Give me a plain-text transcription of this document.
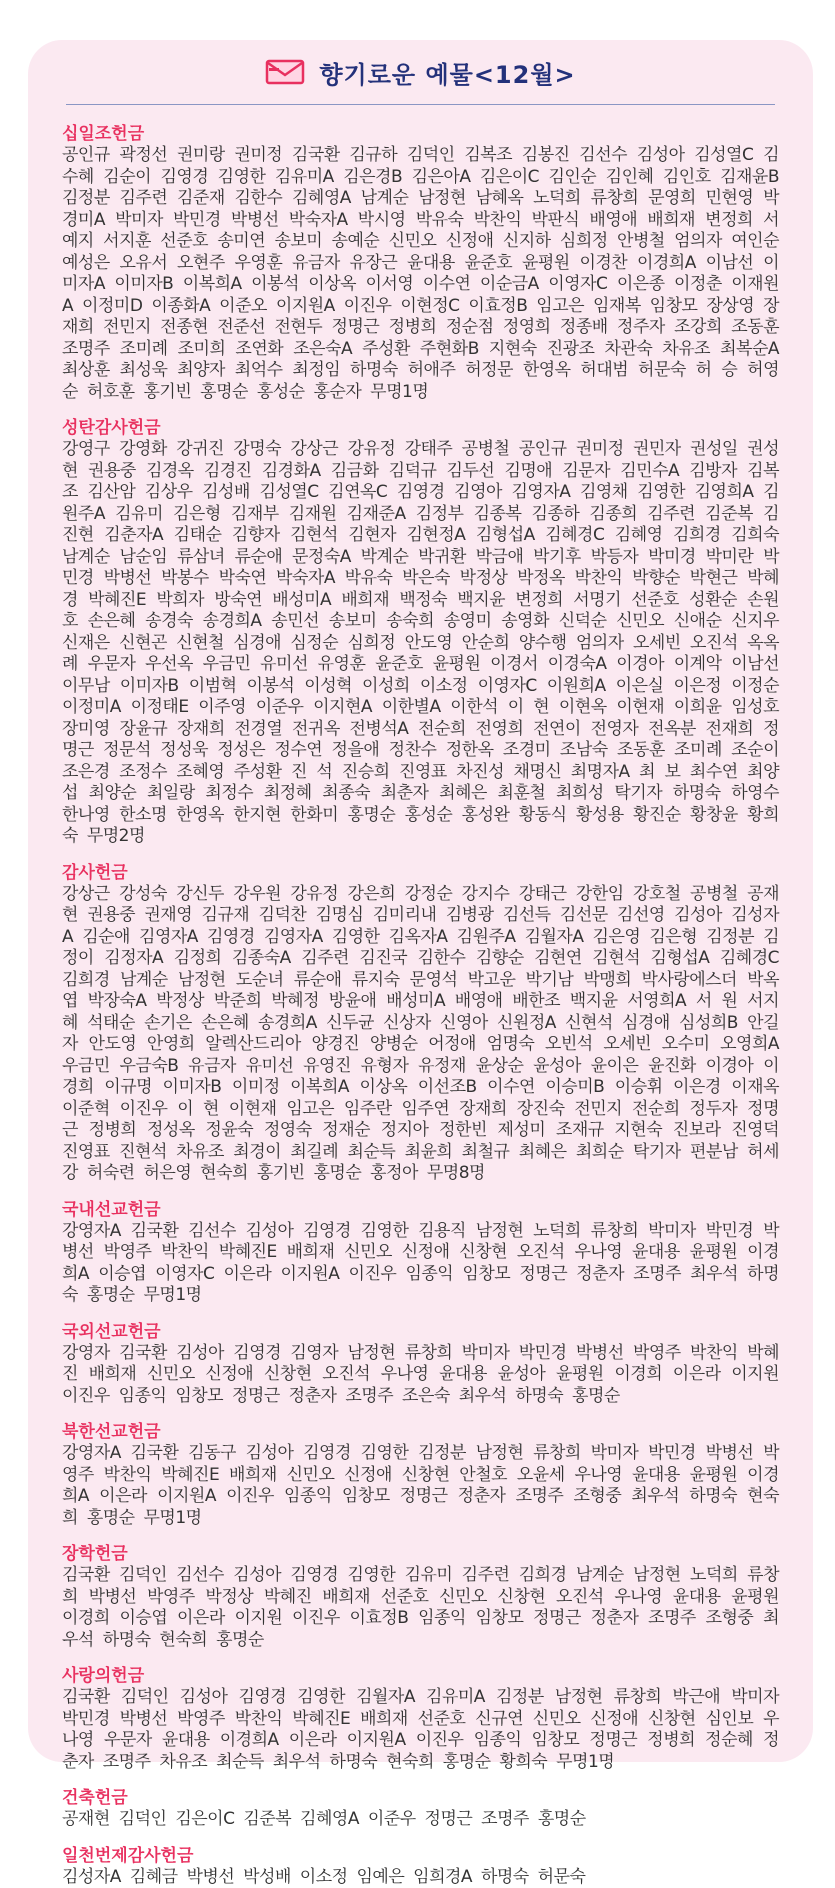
향기로운 예물<12월>
십일조헌금

공인규 곽정선 권미랑 권미정 김국환 김규하 김덕인 김복조 김봉진 김선수 김성아 김성열C 김수혜 김순이 김영경 김영한 김유미A 김은경B 김은아A 김은이C 김인순 김인혜 김인호 김재윤B 김정분 김주련 김준재 김한수 김혜영A 남계순 남정현 남혜옥 노덕희 류창희 문영희 민현영 박경미A 박미자 박민경 박병선 박숙자A 박시영 박유숙 박찬익 박판식 배영애 배희재 변정희 서예지 서지훈 선준호 송미연 송보미 송예순 신민오 신정애 신지하 심희정 안병철 엄의자 여인순 예성은 오유서 오현주 우영훈 유금자 유장근 윤대용 윤준호 윤평원 이경찬 이경희A 이남선 이미자A 이미자B 이복희A 이봉석 이상옥 이서영 이수연 이순금A 이영자C 이은종 이정춘 이재원A 이정미D 이종화A 이준오 이지원A 이진우 이현정C 이효정B 임고은 임재복 임창모 장상영 장재희 전민지 전종현 전준선 전현두 정명근 정병희 정순점 정영희 정종배 정주자 조강희 조동훈 조명주 조미례 조미희 조연화 조은숙A 주성환 주현화B 지현숙 진광조 차관숙 차유조 최복순A 최상훈 최성욱 최양자 최억수 최정임 하명숙 허애주 허정문 한영옥 허대범 허문숙 허 승 허영순 허호훈 홍기빈 홍명순 홍성순 홍순자 무명1명

성탄감사헌금

강영구 강영화 강귀진 강명숙 강상근 강유정 강태주 공병철 공인규 권미정 권민자 권성일 권성현 권용중 김경옥 김경진 김경화A 김금화 김덕규 김두선 김명애 김문자 김민수A 김방자 김복조 김산암 김상우 김성배 김성열C 김연옥C 김영경 김영아 김영자A 김영채 김영한 김영희A 김원주A 김유미 김은형 김재부 김재원 김재준A 김정부 김종복 김종하 김종희 김주련 김준복 김진현 김춘자A 김태순 김향자 김현석 김현자 김현정A 김형섭A 김혜경C 김혜영 김희경 김희숙 남계순 남순임 류삼녀 류순애 문정숙A 박계순 박귀환 박금애 박기후 박등자 박미경 박미란 박민경 박병선 박봉수 박숙연 박숙자A 박유숙 박은숙 박정상 박정옥 박찬익 박향순 박현근 박혜경 박혜진E 박희자 방숙연 배성미A 배희재 백정숙 백지윤 변정희 서명기 선준호 성환순 손원호 손은혜 송경숙 송경희A 송민선 송보미 송숙희 송영미 송영화 신덕순 신민오 신애순 신지우 신재은 신현곤 신현철 심경애 심정순 심희정 안도영 안순희 양수행 엄의자 오세빈 오진석 옥옥례 우문자 우선옥 우금민 유미선 유영훈 윤준호 윤평원 이경서 이경숙A 이경아 이계악 이남선 이무남 이미자B 이범혁 이봉석 이성혁 이성희 이소정 이영자C 이원희A 이은실 이은정 이정순 이정미A 이정태E 이주영 이준우 이지현A 이한별A 이한석 이 현 이현옥 이현재 이희윤 임성호 장미영 장윤규 장재희 전경열 전귀옥 전병석A 전순희 전영희 전연이 전영자 전옥분 전재희 정명근 정문석 정성욱 정성은 정수연 정을애 정찬수 정한옥 조경미 조남숙 조동훈 조미례 조순이 조은경 조정수 조혜영 주성환 진 석 진승희 진영표 차진성 채명신 최명자A 최 보 최수연 최양섭 최양순 최일랑 최정수 최정혜 최종숙 최춘자 최혜은 최훈철 최희성 탁기자 하명숙 하영수 한나영 한소명 한영옥 한지현 한화미 홍명순 홍성순 홍성완 황동식 황성용 황진순 황창윤 황희숙 무명2명

감사헌금

강상근 강성숙 강신두 강우원 강유정 강은희 강정순 강지수 강태근 강한임 강호철 공병철 공재현 권용중 권재영 김규재 김덕찬 김명심 김미리내 김병광 김선득 김선문 김선영 김성아 김성자A 김순애 김영자A 김영경 김영자A 김영한 김옥자A 김원주A 김월자A 김은영 김은형 김정분 김정이 김정자A 김정희 김종숙A 김주련 김진국 김한수 김향순 김현연 김현석 김형섭A 김혜경C 김희경 남계순 남정현 도순녀 류순애 류지숙 문영석 박고운 박기남 박맹희 박사랑에스더 박옥엽 박장숙A 박정상 박준희 박혜정 방윤애 배성미A 배영애 배한조 백지윤 서영희A 서 원 서지혜 석태순 손기은 손은혜 송경희A 신두균 신상자 신영아 신원정A 신현석 심경애 심성희B 안길자 안도영 안영희 알렉산드리아 양경진 양병순 어정애 엄명숙 오빈석 오세빈 오수미 오영희A 우금민 우금숙B 유금자 유미선 유영진 유형자 유정재 윤상순 윤성아 윤이은 윤진화 이경아 이경희 이규명 이미자B 이미정 이복희A 이상옥 이선조B 이수연 이승미B 이승휘 이은경 이재옥 이준혁 이진우 이 현 이현재 임고은 임주란 임주연 장재희 장진숙 전민지 전순희 정두자 정명근 정병희 정성옥 정윤숙 정영숙 정재순 정지아 정한빈 제성미 조재규 지현숙 진보라 진영덕 진영표 진현석 차유조 최경이 최길례 최순득 최윤희 최철규 최혜은 최희순 탁기자 편분남 허세강 허숙련 허은영 현숙희 홍기빈 홍명순 홍정아 무명8명

국내선교헌금

강영자A 김국환 김선수 김성아 김영경 김영한 김용직 남정현 노덕희 류창희 박미자 박민경 박병선 박영주 박찬익 박혜진E 배희재 신민오 신정애 신창현 오진석 우나영 윤대용 윤평원 이경희A 이승엽 이영자C 이은라 이지원A 이진우 임종익 임창모 정명근 정춘자 조명주 최우석 하명숙 홍명순 무명1명

국외선교헌금

강영자 김국환 김성아 김영경 김영자 남정현 류창희 박미자 박민경 박병선 박영주 박찬익 박혜진 배희재 신민오 신정애 신창현 오진석 우나영 윤대용 윤성아 윤평원 이경희 이은라 이지원 이진우 임종익 임창모 정명근 정춘자 조명주 조은숙 최우석 하명숙 홍명순

북한선교헌금

강영자A 김국환 김동구 김성아 김영경 김영한 김정분 남정현 류창희 박미자 박민경 박병선 박영주 박찬익 박혜진E 배희재 신민오 신정애 신창현 안철호 오윤세 우나영 윤대용 윤평원 이경희A 이은라 이지원A 이진우 임종익 임창모 정명근 정춘자 조명주 조형중 최우석 하명숙 현숙희 홍명순 무명1명

장학헌금

김국환 김덕인 김선수 김성아 김영경 김영한 김유미 김주련 김희경 남계순 남정현 노덕희 류창희 박병선 박영주 박정상 박혜진 배희재 선준호 신민오 신창현 오진석 우나영 윤대용 윤평원 이경희 이승엽 이은라 이지원 이진우 이효정B 임종익 임창모 정명근 정춘자 조명주 조형중 최우석 하명숙 현숙희 홍명순

사랑의헌금

김국환 김덕인 김성아 김영경 김영한 김월자A 김유미A 김정분 남정현 류창희 박근애 박미자 박민경 박병선 박영주 박찬익 박혜진E 배희재 선준호 신규연 신민오 신정애 신창현 심인보 우나영 우문자 윤대용 이경희A 이은라 이지원A 이진우 임종익 임창모 정명근 정병희 정순혜 정춘자 조명주 차유조 최순득 최우석 하명숙 현숙희 홍명순 황희숙 무명1명

건축헌금

공재현 김덕인 김은이C 김준복 김혜영A 이준우 정명근 조명주 홍명순

일천번제감사헌금

김성자A 김혜금 박병선 박성배 이소정 임예은 임희경A 하명숙 허문숙
